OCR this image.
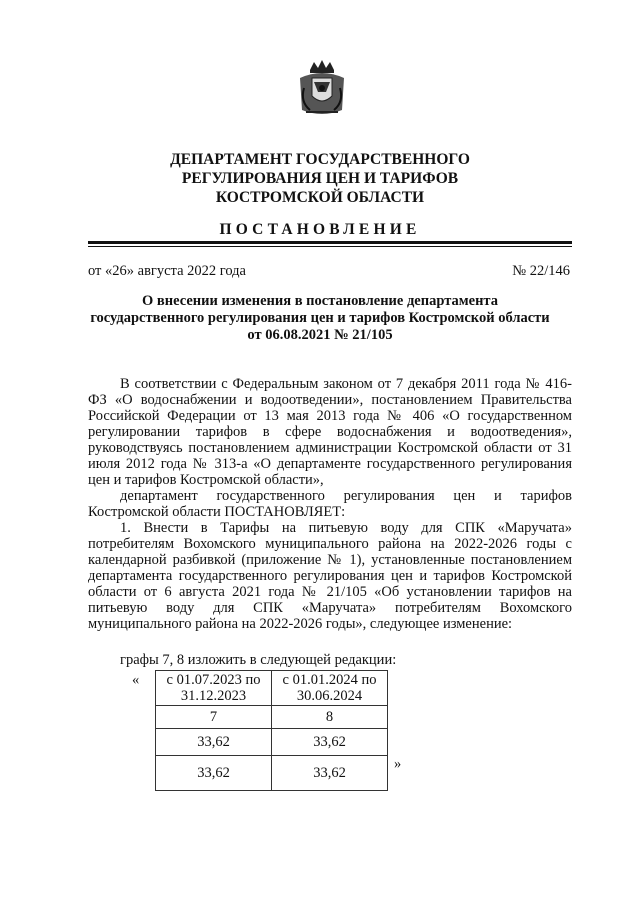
ДЕПАРТАМЕНТ ГОСУДАРСТВЕННОГО
РЕГУЛИРОВАНИЯ ЦЕН И ТАРИФОВ
КОСТРОМСКОЙ ОБЛАСТИ
ПОСТАНОВЛЕНИЕ
от «26» августа 2022 года	№ 22/146
О внесении изменения в постановление департамента
государственного регулирования цен и тарифов Костромской области
от 06.08.2021 № 21/105

В соответствии с Федеральным законом от 7 декабря 2011 года № 416-ФЗ «О водоснабжении и водоотведении», постановлением Правительства Российской Федерации от 13 мая 2013 года № 406 «О государственном регулировании тарифов в сфере водоснабжения и водоотведения», руководствуясь постановлением администрации Костромской области от 31 июля 2012 года № 313-а «О департаменте государственного регулирования цен и тарифов Костромской области»,

департамент государственного регулирования цен и тарифов Костромской области ПОСТАНОВЛЯЕТ:

1. Внести в Тарифы на питьевую воду для СПК «Маручата» потребителям Вохомского муниципального района на 2022-2026 годы с календарной разбивкой (приложение № 1), установленные постановлением департамента государственного регулирования цен и тарифов Костромской области от 6 августа 2021 года № 21/105 «Об установлении тарифов на питьевую воду для СПК «Маручата» потребителям Вохомского муниципального района на 2022-2026 годы», следующее изменение:

графы 7, 8 изложить в следующей редакции:
« с 01.07.2023 по 31.12.2023	с 01.01.2024 по 30.06.2024
7	8
33,62	33,62
33,62	33,62
»
